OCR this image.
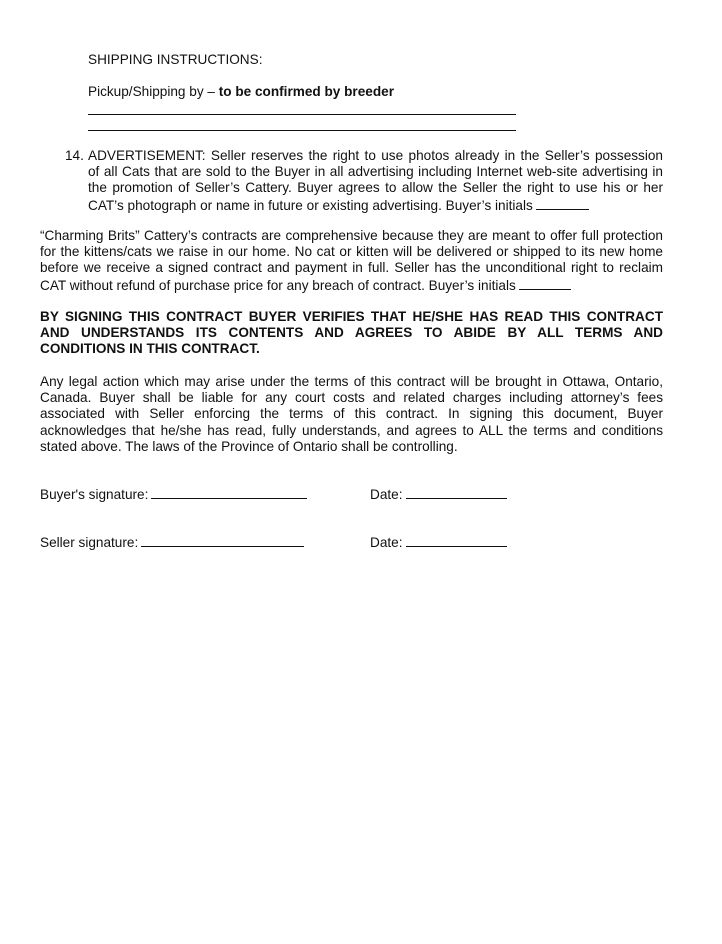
SHIPPING INSTRUCTIONS:
Pickup/Shipping by – to be confirmed by breeder
14. ADVERTISEMENT: Seller reserves the right to use photos already in the Seller’s possession
of all Cats that are sold to the Buyer in all advertising including Internet web-site advertising in
the promotion of Seller’s Cattery. Buyer agrees to allow the Seller the right to use his or her
CAT’s photograph or name in future or existing advertising. Buyer’s initials
“Charming Brits” Cattery’s contracts are comprehensive because they are meant to offer full protection
for the kittens/cats we raise in our home. No cat or kitten will be delivered or shipped to its new home
before we receive a signed contract and payment in full. Seller has the unconditional right to reclaim
CAT without refund of purchase price for any breach of contract. Buyer’s initials
BY SIGNING THIS CONTRACT BUYER VERIFIES THAT HE/SHE HAS READ THIS CONTRACT
AND UNDERSTANDS ITS CONTENTS AND AGREES TO ABIDE BY ALL TERMS AND
CONDITIONS IN THIS CONTRACT.
Any legal action which may arise under the terms of this contract will be brought in Ottawa, Ontario,
Canada. Buyer shall be liable for any court costs and related charges including attorney’s fees
associated with Seller enforcing the terms of this contract. In signing this document, Buyer
acknowledges that he/she has read, fully understands, and agrees to ALL the terms and conditions
stated above. The laws of the Province of Ontario shall be controlling.
Buyer's signature:	Date:
Seller signature:	Date:
